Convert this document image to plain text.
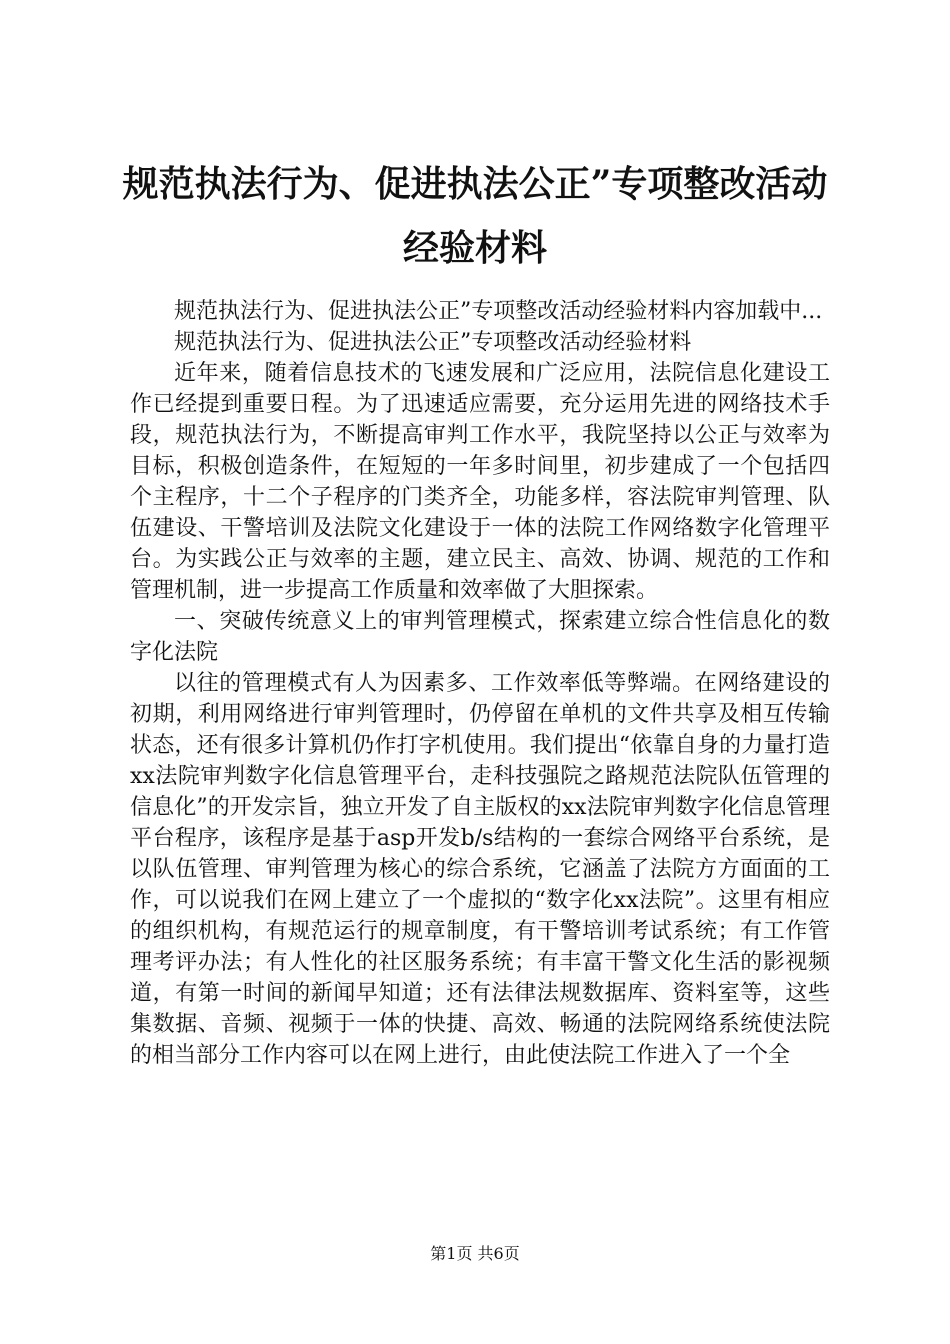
规范执法行为、促进执法公正”专项整改活动经验材料

规范执法行为、促进执法公正”专项整改活动经验材料内容加载中...

规范执法行为、促进执法公正”专项整改活动经验材料

近年来，随着信息技术的飞速发展和广泛应用，法院信息化建设工作已经提到重要日程。为了迅速适应需要，充分运用先进的网络技术手段，规范执法行为，不断提高审判工作水平，我院坚持以公正与效率为目标，积极创造条件，在短短的一年多时间里，初步建成了一个包括四个主程序，十二个子程序的门类齐全，功能多样，容法院审判管理、队伍建设、干警培训及法院文化建设于一体的法院工作网络数字化管理平台。为实践公正与效率的主题，建立民主、高效、协调、规范的工作和管理机制，进一步提高工作质量和效率做了大胆探索。

一、突破传统意义上的审判管理模式，探索建立综合性信息化的数字化法院

以往的管理模式有人为因素多、工作效率低等弊端。在网络建设的初期，利用网络进行审判管理时，仍停留在单机的文件共享及相互传输状态，还有很多计算机仍作打字机使用。我们提出“依靠自身的力量打造xx法院审判数字化信息管理平台，走科技强院之路规范法院队伍管理的信息化”的开发宗旨，独立开发了自主版权的xx法院审判数字化信息管理平台程序，该程序是基于asp开发b/s结构的一套综合网络平台系统，是以队伍管理、审判管理为核心的综合系统，它涵盖了法院方方面面的工作，可以说我们在网上建立了一个虚拟的“数字化xx法院”。这里有相应的组织机构，有规范运行的规章制度，有干警培训考试系统；有工作管理考评办法；有人性化的社区服务系统；有丰富干警文化生活的影视频道，有第一时间的新闻早知道；还有法律法规数据库、资料室等，这些集数据、音频、视频于一体的快捷、高效、畅通的法院网络系统使法院的相当部分工作内容可以在网上进行，由此使法院工作进入了一个全

第1页 共6页
